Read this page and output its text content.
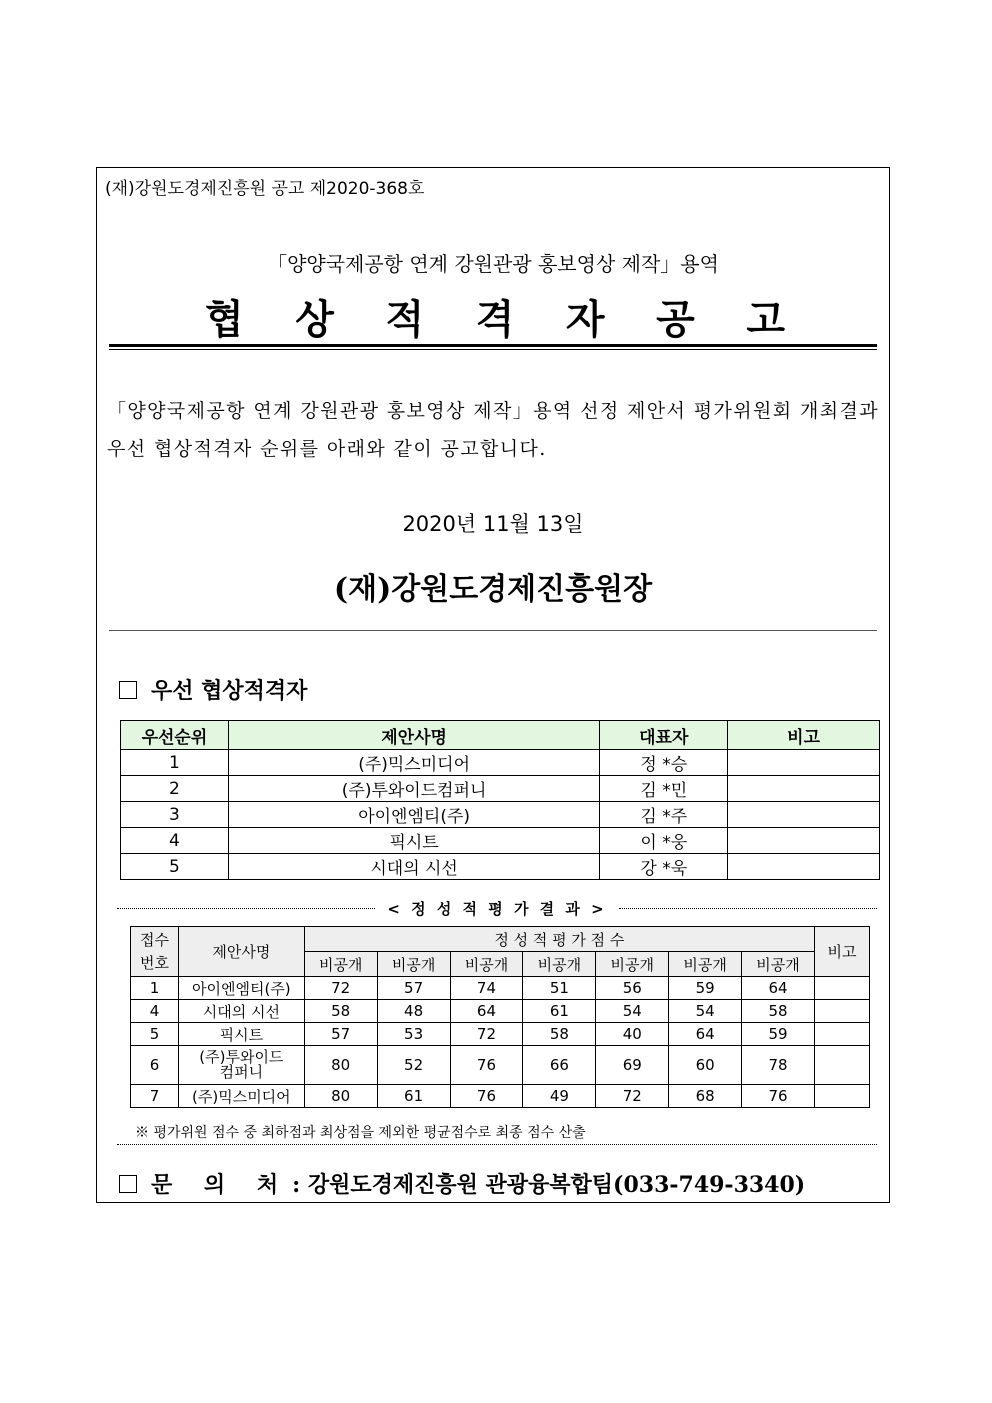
(재)강원도경제진흥원 공고 제2020-368호
「양양국제공항 연계 강원관광 홍보영상 제작」용역
협 상 적 격 자 공 고
「양양국제공항 연계 강원관광 홍보영상 제작」용역 선정 제안서 평가위원회 개최결과 우선 협상적격자 순위를 아래와 같이 공고합니다.
2020년 11월 13일
(재)강원도경제진흥원장
우선 협상적격자
우선순위	제안사명	대표자	비고
1	(주)믹스미디어	정 *승	
2	(주)투와이드컴퍼니	김 *민	
3	아이엔엠티(주)	김 *주	
4	픽시트	이 *웅	
5	시대의 시선	강 *욱	
< 정 성 적 평 가 결 과 >
접수
번호	제안사명	정 성 적 평 가 점 수							비고
		비공개	비공개	비공개	비공개	비공개	비공개	비공개	
1	아이엔엠티(주)	72	57	74	51	56	59	64	
4	시대의 시선	58	48	64	61	54	54	58	
5	픽시트	57	53	72	58	40	64	59	
6	(주)투와이드
컴퍼니	80	52	76	66	69	60	78	
7	(주)믹스미디어	80	61	76	49	72	68	76	
※ 평가위원 점수 중 최하점과 최상점을 제외한 평균점수로 최종 점수 산출
문 의 처 : 강원도경제진흥원 관광융복합팀(033-749-3340)
